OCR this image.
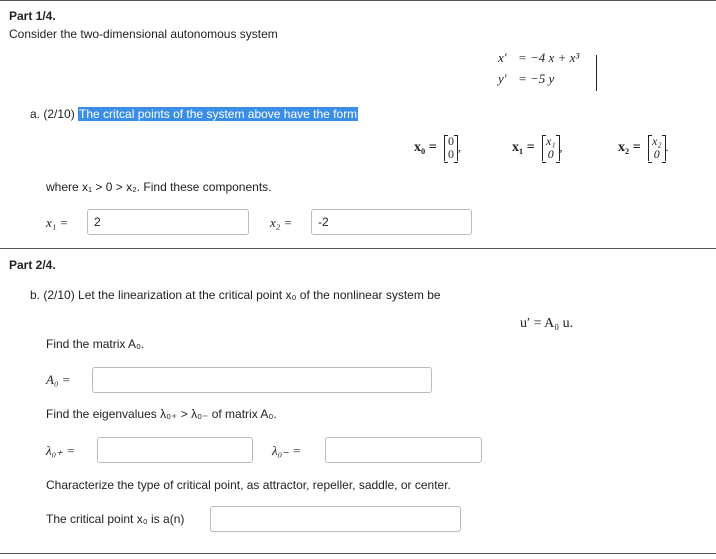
Part 1/4.
Consider the two-dimensional autonomous system
x′ = −4 x + x³
y′ = −5 y
a. (2/10) The critcal points of the system above have the form
x₀ = 0
0 ,	x₁ = x₁
0 ,	x₂ = x₂
0 .
where x₁ > 0 > x₂. Find these components.
x₁ =	2	x₂ =	-2
Part 2/4.
b. (2/10) Let the linearization at the critical point x₀ of the nonlinear system be
u′ = A₀ u.
Find the matrix A₀.
A₀ =
Find the eigenvalues λ₀₊ > λ₀₋ of matrix A₀.
λ₀₊ =	λ₀₋ =
Characterize the type of critical point, as attractor, repeller, saddle, or center.
The critical point x₀ is a(n)
